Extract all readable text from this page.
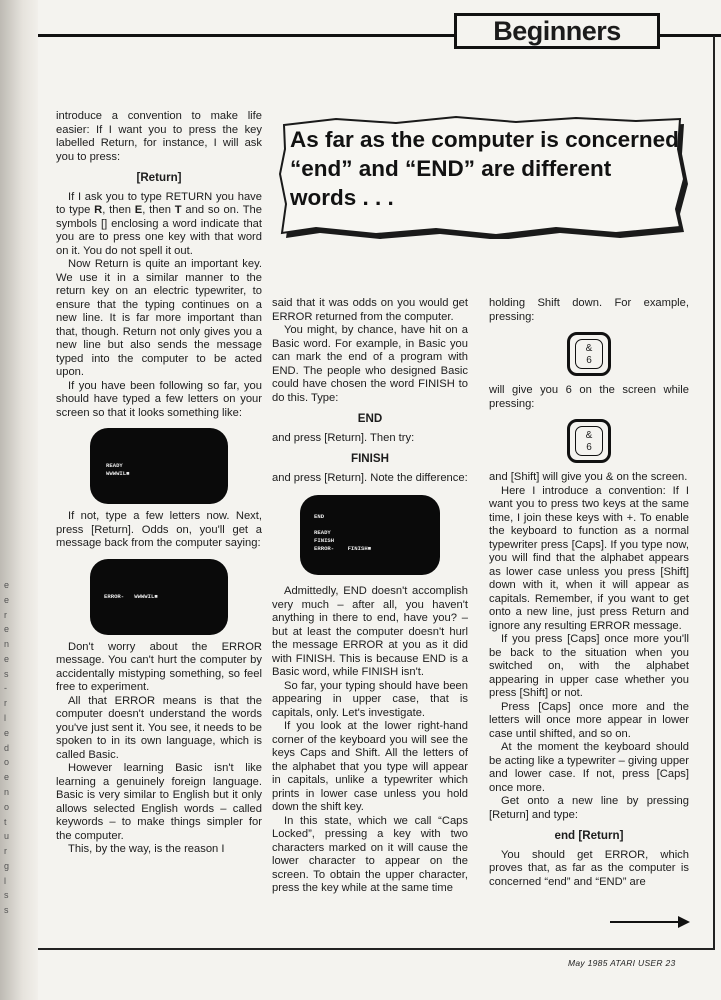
e
e
r
e
n
e
s
-
r
l
e
d
o
e
n
o
t
u
r
g
l
s
s
Beginners
As far as the computer is concerned “end” and “END” are different words . . .

introduce a convention to make life easier: If I want you to press the key labelled Return, for instance, I will ask you to press:

[Return]

If I ask you to type RETURN you have to type R, then E, then T and so on. The symbols [] enclosing a word indicate that you are to press one key with that word on it. You do not spell it out.

Now Return is quite an important key. We use it in a similar manner to the return key on an electric typewriter, to ensure that the typing continues on a new line. It is far more important than that, though. Return not only gives you a new line but also sends the message typed into the computer to be acted upon.

If you have been following so far, you should have typed a few letters on your screen so that it looks something like:

READY
WWWWIL■

If not, type a few letters now. Next, press [Return]. Odds on, you'll get a message back from the computer saying:

ERROR-   WWWWIL■

Don't worry about the ERROR message. You can't hurt the computer by accidentally mistyping something, so feel free to experiment.

All that ERROR means is that the computer doesn't understand the words you've just sent it. You see, it needs to be spoken to in its own language, which is called Basic.

However learning Basic isn't like learning a genuinely foreign language. Basic is very similar to English but it only allows selected English words – called keywords – to make things simpler for the computer.

This, by the way, is the reason I

said that it was odds on you would get ERROR returned from the computer.

You might, by chance, have hit on a Basic word. For example, in Basic you can mark the end of a program with END. The people who designed Basic could have chosen the word FINISH to do this. Type:

END

and press [Return]. Then try:

FINISH

and press [Return]. Note the difference:

END

READY
FINISH
ERROR-    FINISH■

Admittedly, END doesn't accomplish very much – after all, you haven't anything in there to end, have you? – but at least the computer doesn't hurl the message ERROR at you as it did with FINISH. This is because END is a Basic word, while FINISH isn't.

So far, your typing should have been appearing in upper case, that is capitals, only. Let's investigate.

If you look at the lower right-hand corner of the keyboard you will see the keys Caps and Shift. All the letters of the alphabet that you type will appear in capitals, unlike a typewriter which prints in lower case unless you hold down the shift key.

In this state, which we call “Caps Locked”, pressing a key with two characters marked on it will cause the lower character to appear on the screen. To obtain the upper character, press the key while at the same time

holding Shift down. For example, pressing:

&
6

will give you 6 on the screen while pressing:

&
6

and [Shift] will give you & on the screen.

Here I introduce a convention: If I want you to press two keys at the same time, I join these keys with +. To enable the keyboard to function as a normal typewriter press [Caps]. If you type now, you will find that the alphabet appears as lower case unless you press [Shift] down with it, when it will appear as capitals. Remember, if you want to get onto a new line, just press Return and ignore any resulting ERROR message.

If you press [Caps] once more you'll be back to the situation when you switched on, with the alphabet appearing in upper case whether you press [Shift] or not.

Press [Caps] once more and the letters will once more appear in lower case until shifted, and so on.

At the moment the keyboard should be acting like a typewriter – giving upper and lower case. If not, press [Caps] once more.

Get onto a new line by pressing [Return] and type:

end [Return]

You should get ERROR, which proves that, as far as the computer is concerned “end” and “END” are

May 1985 ATARI USER 23
